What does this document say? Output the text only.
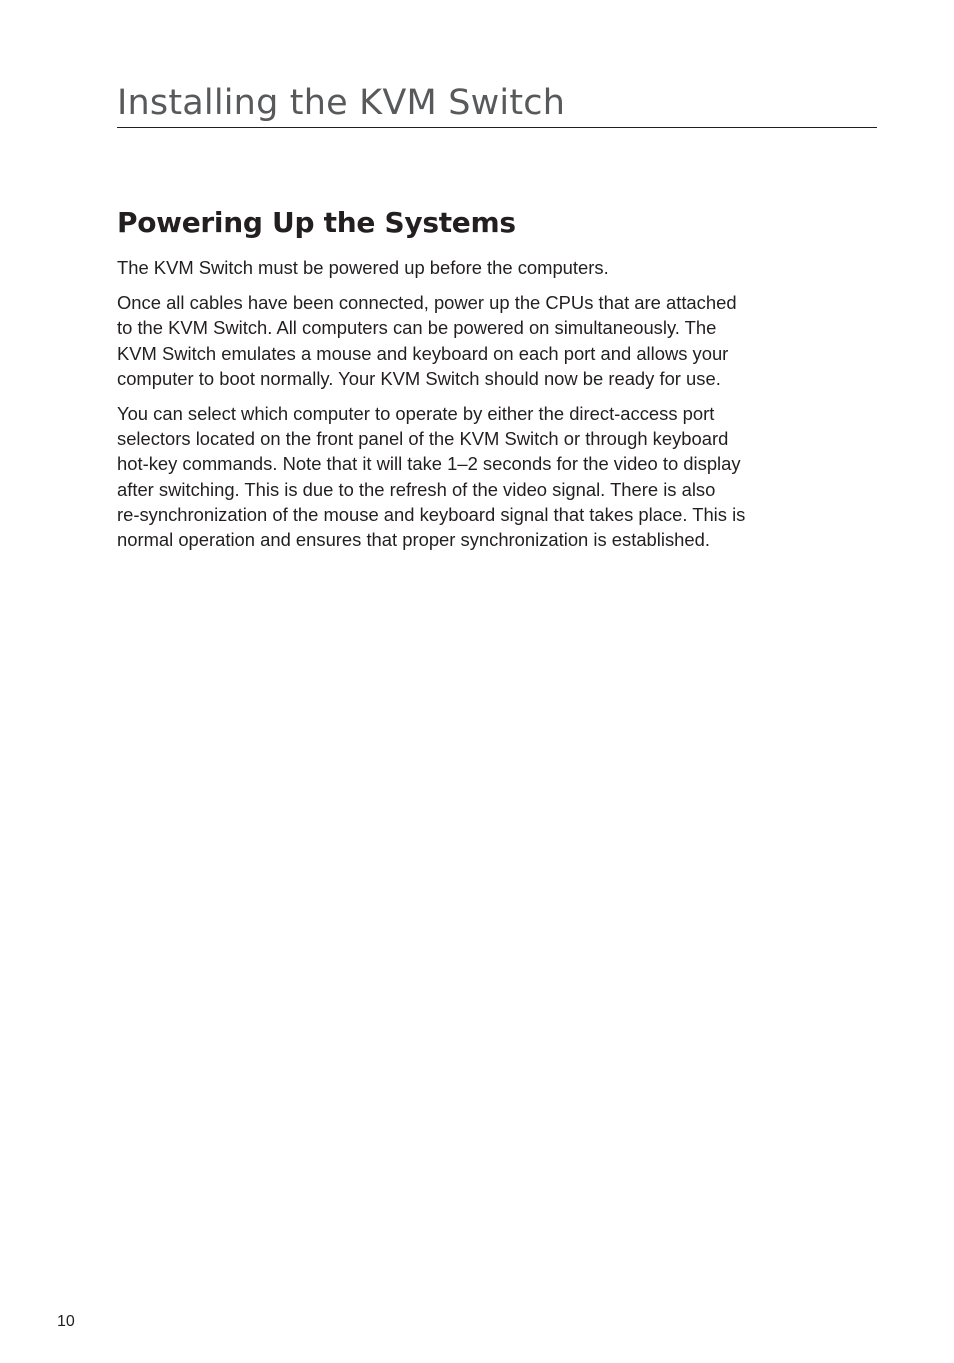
Installing the KVM Switch
Powering Up the Systems

The KVM Switch must be powered up before the computers.

Once all cables have been connected, power up the CPUs that are attached
to the KVM Switch. All computers can be powered on simultaneously. The
KVM Switch emulates a mouse and keyboard on each port and allows your
computer to boot normally. Your KVM Switch should now be ready for use.

You can select which computer to operate by either the direct-access port
selectors located on the front panel of the KVM Switch or through keyboard
hot-key commands. Note that it will take 1–2 seconds for the video to display
after switching. This is due to the refresh of the video signal. There is also
re-synchronization of the mouse and keyboard signal that takes place. This is
normal operation and ensures that proper synchronization is established.

10
